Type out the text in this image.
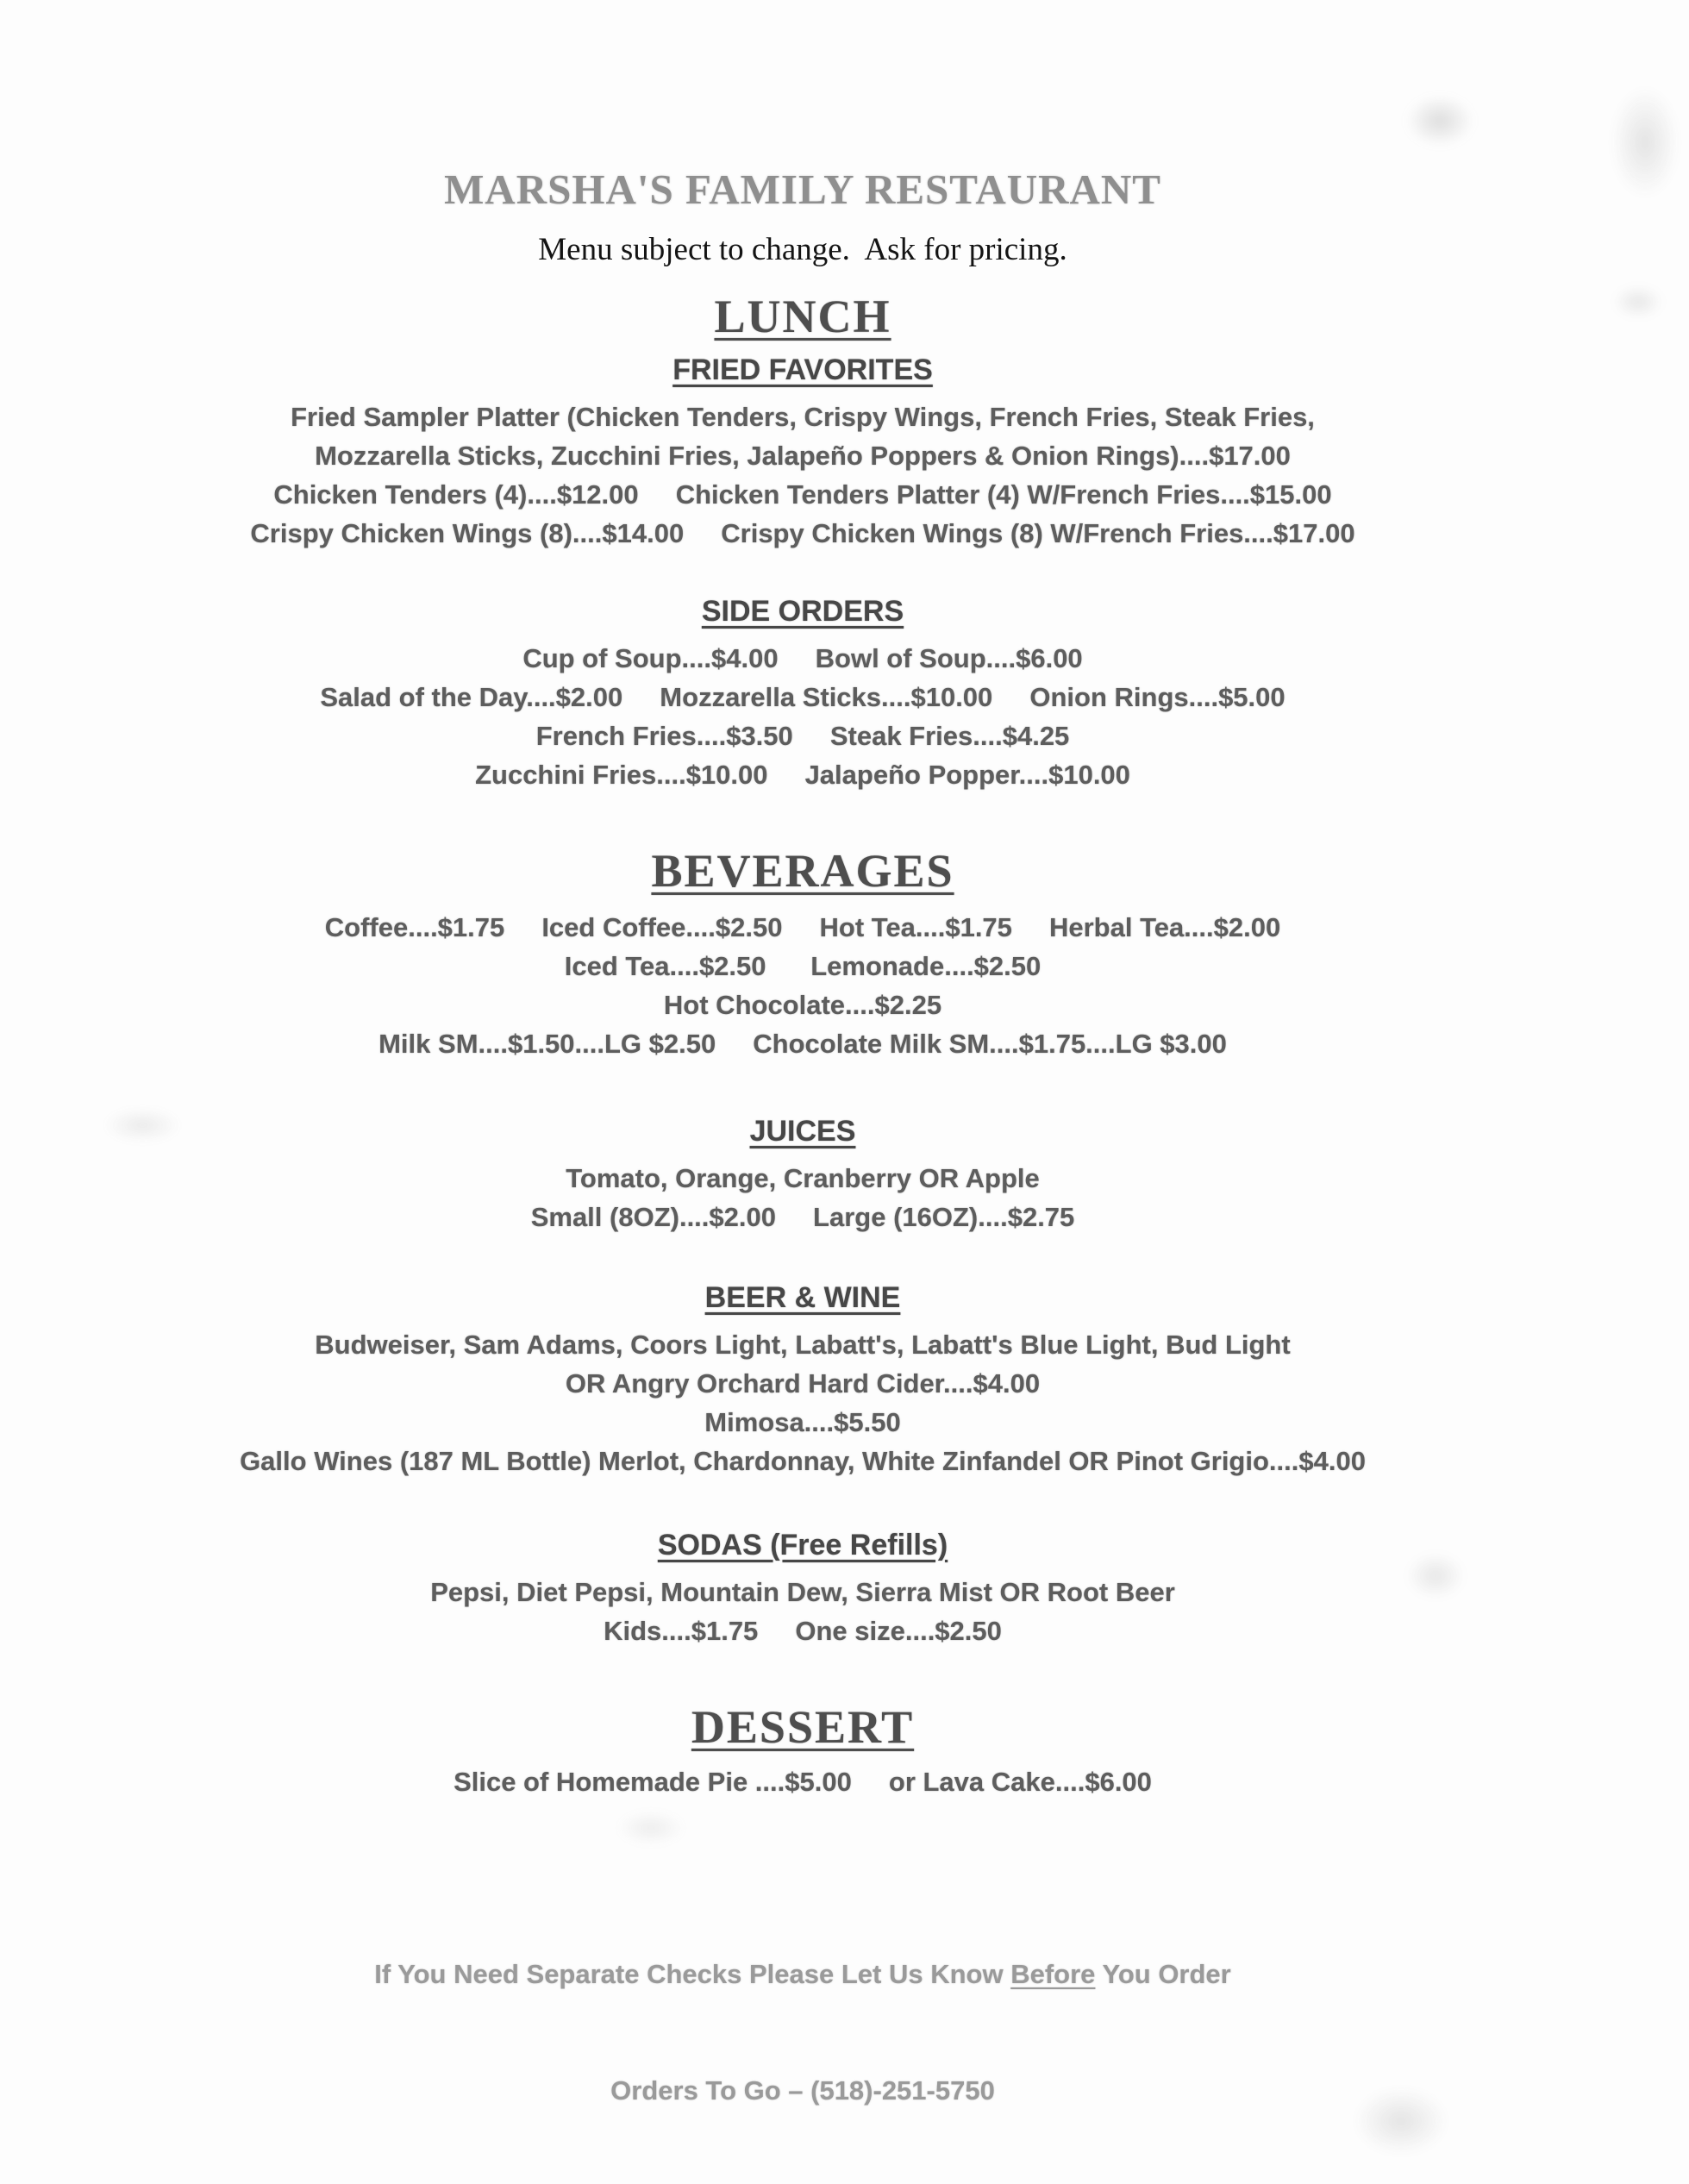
MARSHA'S FAMILY RESTAURANT
Menu subject to change.  Ask for pricing.
LUNCH
FRIED FAVORITES
Fried Sampler Platter (Chicken Tenders, Crispy Wings, French Fries, Steak Fries,
Mozzarella Sticks, Zucchini Fries, Jalapeño Poppers & Onion Rings)....$17.00
Chicken Tenders (4)....$12.00     Chicken Tenders Platter (4) W/French Fries....$15.00
Crispy Chicken Wings (8)....$14.00     Crispy Chicken Wings (8) W/French Fries....$17.00
SIDE ORDERS
Cup of Soup....$4.00     Bowl of Soup....$6.00
Salad of the Day....$2.00     Mozzarella Sticks....$10.00     Onion Rings....$5.00
French Fries....$3.50     Steak Fries....$4.25
Zucchini Fries....$10.00     Jalapeño Popper....$10.00
BEVERAGES
Coffee....$1.75     Iced Coffee....$2.50     Hot Tea....$1.75     Herbal Tea....$2.00
Iced Tea....$2.50      Lemonade....$2.50
Hot Chocolate....$2.25
Milk SM....$1.50....LG $2.50     Chocolate Milk SM....$1.75....LG $3.00
JUICES
Tomato, Orange, Cranberry OR Apple
Small (8OZ)....$2.00     Large (16OZ)....$2.75
BEER & WINE
Budweiser, Sam Adams, Coors Light, Labatt's, Labatt's Blue Light, Bud Light
OR Angry Orchard Hard Cider....$4.00
Mimosa....$5.50
Gallo Wines (187 ML Bottle) Merlot, Chardonnay, White Zinfandel OR Pinot Grigio....$4.00
SODAS (Free Refills)
Pepsi, Diet Pepsi, Mountain Dew, Sierra Mist OR Root Beer
Kids....$1.75     One size....$2.50
DESSERT
Slice of Homemade Pie ....$5.00     or Lava Cake....$6.00

If You Need Separate Checks Please Let Us Know Before You Order

Orders To Go – (518)-251-5750
